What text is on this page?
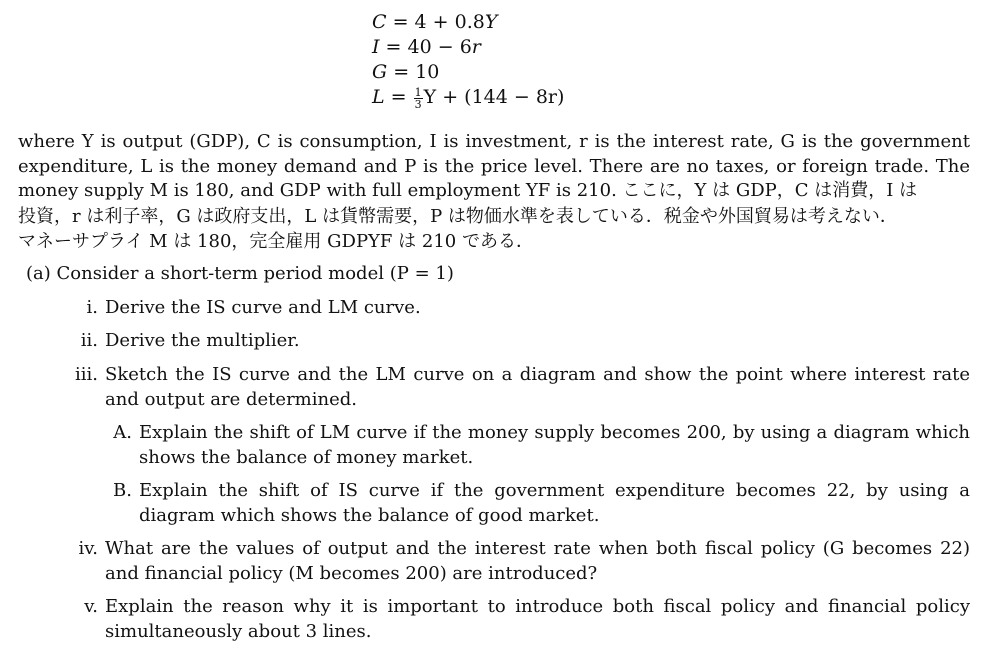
C = 4 + 0.8Y
I = 40 − 6r
G = 10
$L = \frac{1}{3}$ Y + (144 − 8r)
where Y is output (GDP), C is consumption, I is investment, r is the interest rate, G is the government expenditure, L is the money demand and P is the price level. There are no taxes, or foreign trade. The money supply M is 180, and GDP with full employment YF is 210. ここに，Y は GDP，C は消費，I は
投資，r は利子率，G は政府支出，L は貨幣需要，P は物価水準を表している．税金や外国貿易は考えない．
マネーサプライ M は 180，完全雇用 GDPYF は 210 である．
(a) Consider a short-term period model (P = 1)
i. Derive the IS curve and LM curve.
ii. Derive the multiplier.
iii. Sketch the IS curve and the LM curve on a diagram and show the point where interest rate and output are determined.
A. Explain the shift of LM curve if the money supply becomes 200, by using a diagram which shows the balance of money market.
B. Explain the shift of IS curve if the government expenditure becomes 22, by using a diagram which shows the balance of good market.
iv. What are the values of output and the interest rate when both fiscal policy (G becomes 22) and financial policy (M becomes 200) are introduced?
v. Explain the reason why it is important to introduce both fiscal policy and financial policy simultaneously about 3 lines.
